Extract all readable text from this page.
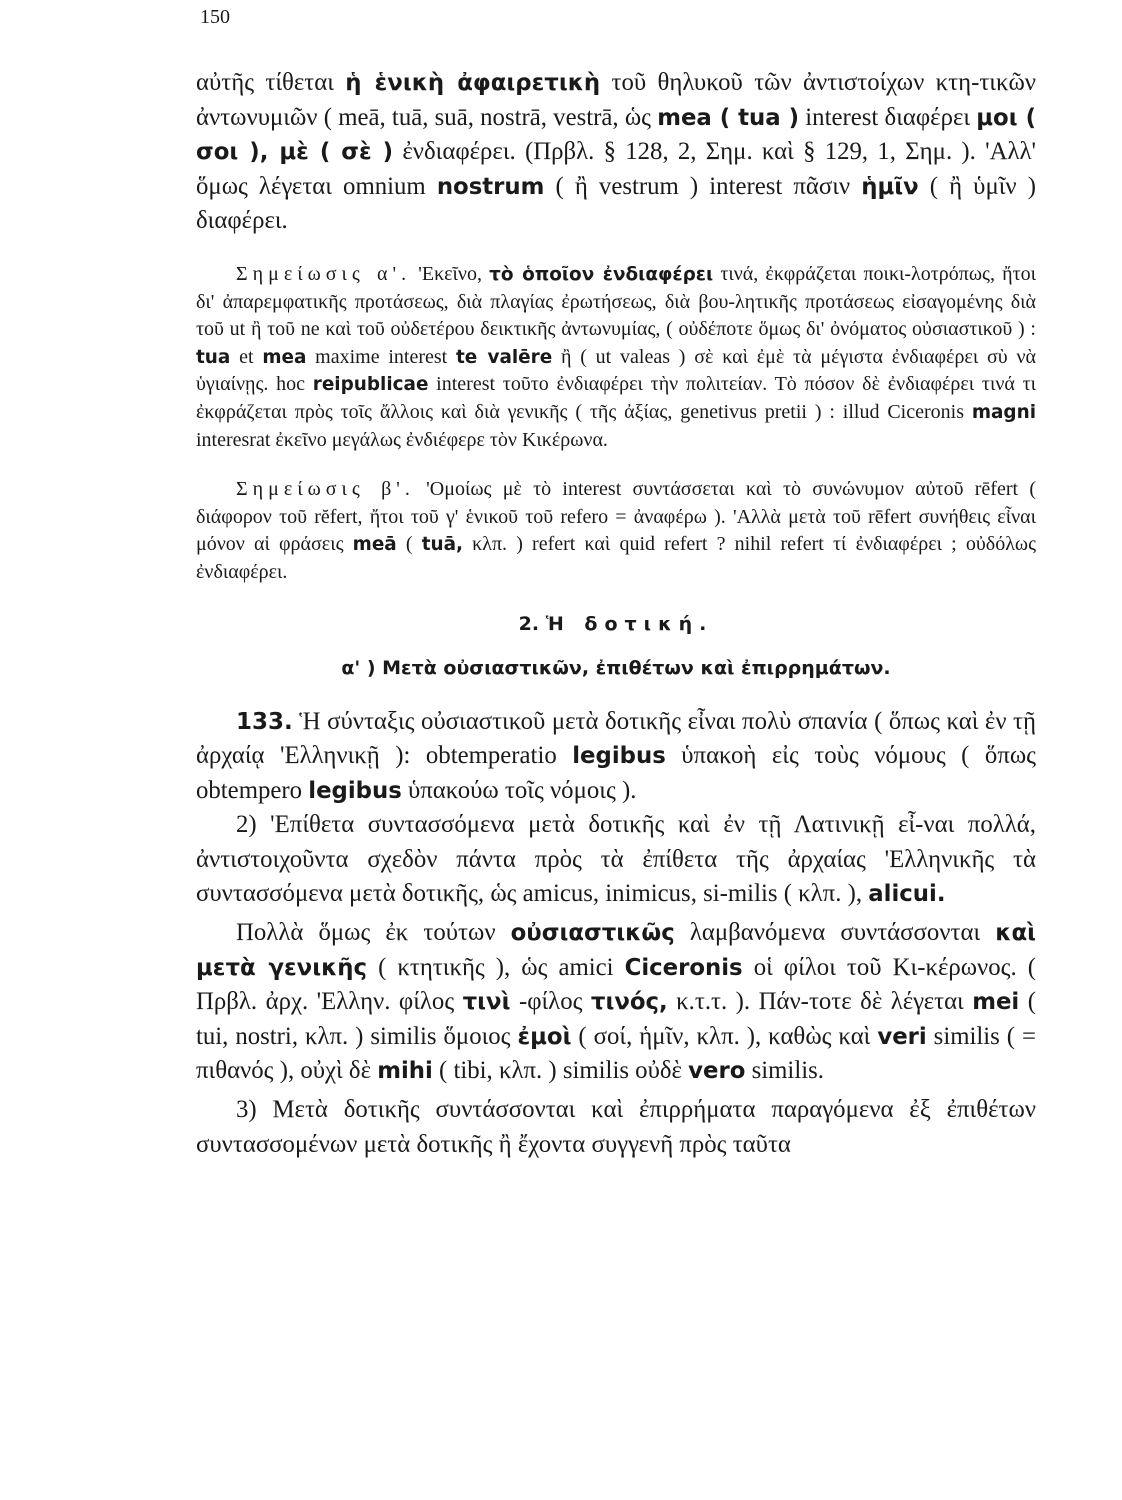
150

αὐτῆς τίθεται ἡ ἑνικὴ ἀφαιρετικὴ τοῦ θηλυκοῦ τῶν ἀντιστοίχων κτη-τικῶν ἀντωνυμιῶν ( meā, tuā, suā, nostrā, vestrā, ὡς mea ( tua ) interest διαφέρει μοι ( σοι ), μὲ ( σὲ ) ἐνδιαφέρει. (Πρβλ. § 128, 2, Σημ. καὶ § 129, 1, Σημ. ). 'Αλλ' ὅμως λέγεται omnium nostrum ( ἢ vestrum ) interest πᾶσιν ἡμῖν ( ἢ ὑμῖν ) διαφέρει.

Σημείωσις α'. 'Εκεῖνο, τὸ ὁποῖον ἐνδιαφέρει τινά, ἐκφράζεται ποικι-λοτρόπως, ἤτοι δι' ἀπαρεμφατικῆς προτάσεως, διὰ πλαγίας ἐρωτήσεως, διὰ βου-λητικῆς προτάσεως εἰσαγομένης διὰ τοῦ ut ἢ τοῦ ne καὶ τοῦ οὐδετέρου δεικτικῆς ἀντωνυμίας, ( οὐδέποτε ὅμως δι' ὀνόματος οὐσιαστικοῦ ) : tua et mea maxime interest te valēre ἢ ( ut valeas ) σὲ καὶ ἐμὲ τὰ μέγιστα ἐνδιαφέρει σὺ νὰ ὑγιαίνῃς. hoc reipublicae interest τοῦτο ἐνδιαφέρει τὴν πολιτείαν. Τὸ πόσον δὲ ἐνδιαφέρει τινά τι ἐκφράζεται πρὸς τοῖς ἄλλοις καὶ διὰ γενικῆς ( τῆς ἀξίας, genetivus pretii ) : illud Ciceronis magni interesrat ἐκεῖνο μεγάλως ἐνδιέφερε τὸν Κικέρωνα.

Σημείωσις β'. 'Ομοίως μὲ τὸ interest συντάσσεται καὶ τὸ συνώνυμον αὐτοῦ rēfert ( διάφορον τοῦ rĕfert, ἤτοι τοῦ γ' ἑνικοῦ τοῦ refero = ἀναφέρω ). 'Αλλὰ μετὰ τοῦ rēfert συνήθεις εἶναι μόνον αἱ φράσεις meā ( tuā, κλπ. ) refert καὶ quid refert ? nihil refert τί ἐνδιαφέρει ; οὐδόλως ἐνδιαφέρει.

2. Ἡ δοτική.

α' ) Μετὰ οὐσιαστικῶν, ἐπιθέτων καὶ ἐπιρρημάτων.

133. Ἡ σύνταξις οὐσιαστικοῦ μετὰ δοτικῆς εἶναι πολὺ σπανία ( ὅπως καὶ ἐν τῇ ἀρχαίᾳ 'Ελληνικῇ ): obtemperatio legibus ὑπακοὴ εἰς τοὺς νόμους ( ὅπως obtempero legibus ὑπακούω τοῖς νόμοις ).

2) 'Επίθετα συντασσόμενα μετὰ δοτικῆς καὶ ἐν τῇ Λατινικῇ εἶ-ναι πολλά, ἀντιστοιχοῦντα σχεδὸν πάντα πρὸς τὰ ἐπίθετα τῆς ἀρχαίας 'Ελληνικῆς τὰ συντασσόμενα μετὰ δοτικῆς, ὡς amicus, inimicus, si-milis ( κλπ. ), alicui.

Πολλὰ ὅμως ἐκ τούτων οὐσιαστικῶς λαμβανόμενα συντάσσονται καὶ μετὰ γενικῆς ( κτητικῆς ), ὡς amici Ciceronis οἱ φίλοι τοῦ Κι-κέρωνος. ( Πρβλ. ἀρχ. 'Ελλην. φίλος τινὶ -φίλος τινός, κ.τ.τ. ). Πάν-τοτε δὲ λέγεται mei ( tui, nostri, κλπ. ) similis ὅμοιος ἐμοὶ ( σοί, ἡμῖν, κλπ. ), καθὼς καὶ veri similis ( = πιθανός ), οὐχὶ δὲ mihi ( tibi, κλπ. ) similis οὐδὲ vero similis.

3) Μετὰ δοτικῆς συντάσσονται καὶ ἐπιρρήματα παραγόμενα ἐξ ἐπιθέτων συντασσομένων μετὰ δοτικῆς ἢ ἔχοντα συγγενῆ πρὸς ταῦτα
